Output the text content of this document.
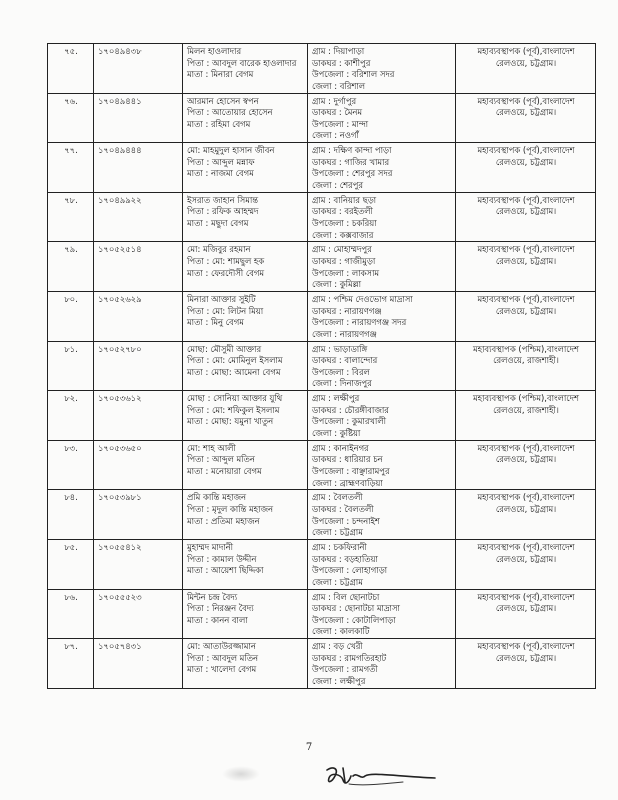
৭৫.	১৭০৪৯৪৩৮	মিলন হাওলাদার
পিতা : আবদুল বারেক হাওলাদার
মাতা : মিনারা বেগম	গ্রাম : দিয়াপাড়া
ডাকঘর : কাশীপুর
উপজেলা : বরিশাল সদর
জেলা : বরিশাল	মহাব্যবস্থাপক (পূর্ব),বাংলাদেশ
রেলওয়ে, চট্টগ্রাম।

৭৬.	১৭০৪৯৪৪১	আরমান হোসেন স্বপন
পিতা : আতোয়ার হোসেন
মাতা : রহিমা বেগম	গ্রাম : দুর্গাপুর
ডাকঘর : মৈনম
উপজেলা : মান্দা
জেলা : নওগাঁ	মহাব্যবস্থাপক (পূর্ব),বাংলাদেশ
রেলওয়ে, চট্টগ্রাম।

৭৭.	১৭০৪৯৪৪৪	মো: মাহমুদুল হাসান জীবন
পিতা : আব্দুল মন্নাফ
মাতা : নাজমা বেগম	গ্রাম : দক্ষিণ কান্দা পাড়া
ডাকঘর : গাজির খামার
উপজেলা : শেরপুর সদর
জেলা : শেরপুর	মহাব্যবস্থাপক (পূর্ব),বাংলাদেশ
রেলওয়ে, চট্টগ্রাম।

৭৮.	১৭০৪৯৯২২	ইসরাত জাহান সিমান্ত
পিতা : রফিক আহম্মদ
মাতা : মছুদা বেগম	গ্রাম : বানিয়ার ছড়া
ডাকঘর : বরইতলী
উপজেলা : চকরিয়া
জেলা : কক্সবাজার	মহাব্যবস্থাপক (পূর্ব),বাংলাদেশ
রেলওয়ে, চট্টগ্রাম।

৭৯.	১৭০৫২৫১৪	মো: মজিবুর রহমান
পিতা : মো: শামছুল হক
মাতা : ফেরদৌসী বেগম	গ্রাম : মোহাম্মদপুর
ডাকঘর : গাজীমুড়া
উপজেলা : লাকসাম
জেলা : কুমিল্লা	মহাব্যবস্থাপক (পূর্ব),বাংলাদেশ
রেলওয়ে, চট্টগ্রাম।

৮০.	১৭০৫২৬২৯	মিনারা আক্তার সুইটি
পিতা : মো: লিটন মিয়া
মাতা : মিনু বেগম	গ্রাম : পশ্চিম দেওভোগ মাদ্রাসা
ডাকঘর : নারায়ণগঞ্জ
উপজেলা : নারায়ণগঞ্জ সদর
জেলা : নারায়ণগঞ্জ	মহাব্যবস্থাপক (পূর্ব),বাংলাদেশ
রেলওয়ে, চট্টগ্রাম।

৮১.	১৭০৫২৭৮০	মোছা: মৌসুমী আক্তার
পিতা : মো: মোমিনুল ইসলাম
মাতা : মোছা: আমেনা বেগম	গ্রাম : ভাড়াডাঙ্গি
ডাকঘর : বালান্দোর
উপজেলা : বিরল
জেলা : দিনাজপুর	মহাব্যবস্থাপক (পশ্চিম),বাংলাদেশ
রেলওয়ে, রাজশাহী।

৮২.	১৭০৫৩৬১২	মোছা : সোনিয়া আক্তার যুথি
পিতা : মো: শফিকুল ইসলাম
মাতা : মোছা: যমুনা খাতুন	গ্রাম : লক্ষীপুর
ডাকঘর : চৌরঙ্গীবাজার
উপজেলা : কুমারখালী
জেলা : কুষ্টিয়া	মহাব্যবস্থাপক (পশ্চিম),বাংলাদেশ
রেলওয়ে, রাজশাহী।

৮৩.	১৭০৫৩৬৫০	মো: শাহ আলী
পিতা : আব্দুল মতিন
মাতা : মনোয়ারা বেগম	গ্রাম : কানাইনগর
ডাকঘর : ধারিয়ার চন
উপজেলা : বাঞ্ছারামপুর
জেলা : ব্রাহ্মণবাড়িয়া	মহাব্যবস্থাপক (পূর্ব),বাংলাদেশ
রেলওয়ে, চট্টগ্রাম।

৮৪.	১৭০৫৩৯৮১	প্রমি কান্তি মহাজন
পিতা : মৃদুল কান্তি মহাজন
মাতা : প্রতিমা মহাজন	গ্রাম : বৈলতলী
ডাকঘর : বৈলতলী
উপজেলা : চন্দনাইশ
জেলা : চট্টগ্রাম	মহাব্যবস্থাপক (পূর্ব),বাংলাদেশ
রেলওয়ে, চট্টগ্রাম।

৮৫.	১৭০৫৫৪১২	মুহাম্মদ মাদানী
পিতা : কামাল উদ্দীন
মাতা : আয়েশা ছিদ্দিকা	গ্রাম : চকফিরানী
ডাকঘর : বড়হাতিয়া
উপজেলা : লোহাগাড়া
জেলা : চট্টগ্রাম	মহাব্যবস্থাপক (পূর্ব),বাংলাদেশ
রেলওয়ে, চট্টগ্রাম।

৮৬.	১৭০৫৫৫২৩	মিন্টন চন্দ্র বৈদ্য
পিতা : নিরঞ্জন বৈদ্য
মাতা : কানন বালা	গ্রাম : বিল ছোনাটচা
ডাকঘর : ছোনাটচা মাদ্রাসা
উপজেলা : কোটালিপাড়া
জেলা : কালকাটি	মহাব্যবস্থাপক (পূর্ব),বাংলাদেশ
রেলওয়ে, চট্টগ্রাম।

৮৭.	১৭০৫৭৪৩১	মো: আতাউরজ্জামান
পিতা : আবদুল মতিন
মাতা : খালেদা বেগম	গ্রাম : বড় খেরী
ডাকঘর : রামগতিরহাট
উপজেলা : রামগতী
জেলা : লক্ষীপুর	মহাব্যবস্থাপক (পূর্ব),বাংলাদেশ
রেলওয়ে, চট্টগ্রাম।
7
